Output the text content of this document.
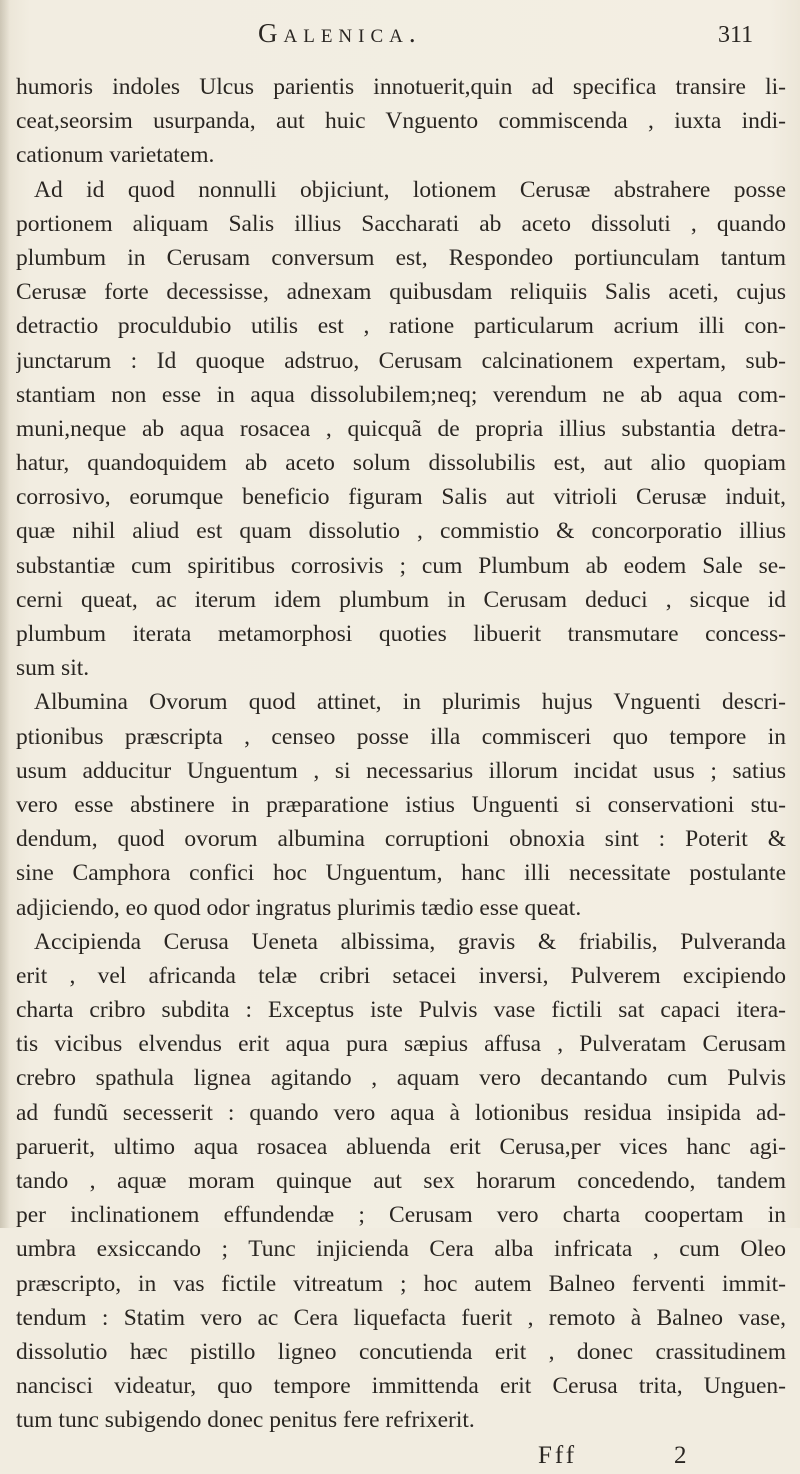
Galenica.	311
humoris indoles Ulcus parientis innotuerit,quin ad specifica transire li-
ceat,seorsim usurpanda, aut huic Vnguento commiscenda , iuxta indi-
cationum varietatem.
Ad id quod nonnulli objiciunt, lotionem Cerusæ abstrahere posse
portionem aliquam Salis illius Saccharati ab aceto dissoluti , quando
plumbum in Cerusam conversum est, Respondeo portiunculam tantum
Cerusæ forte decessisse, adnexam quibusdam reliquiis Salis aceti, cujus
detractio proculdubio utilis est , ratione particularum acrium illi con-
junctarum : Id quoque adstruo, Cerusam calcinationem expertam, sub-
stantiam non esse in aqua dissolubilem;neq; verendum ne ab aqua com-
muni,neque ab aqua rosacea , quicquã de propria illius substantia detra-
hatur, quandoquidem ab aceto solum dissolubilis est, aut alio quopiam
corrosivo, eorumque beneficio figuram Salis aut vitrioli Cerusæ induit,
quæ nihil aliud est quam dissolutio , commistio & concorporatio illius
substantiæ cum spiritibus corrosivis ; cum Plumbum ab eodem Sale se-
cerni queat, ac iterum idem plumbum in Cerusam deduci , sicque id
plumbum iterata metamorphosi quoties libuerit transmutare concess-
sum sit.
Albumina Ovorum quod attinet, in plurimis hujus Vnguenti descri-
ptionibus præscripta , censeo posse illa commisceri quo tempore in
usum adducitur Unguentum , si necessarius illorum incidat usus ; satius
vero esse abstinere in præparatione istius Unguenti si conservationi stu-
dendum, quod ovorum albumina corruptioni obnoxia sint : Poterit &
sine Camphora confici hoc Unguentum, hanc illi necessitate postulante
adjiciendo, eo quod odor ingratus plurimis tædio esse queat.
Accipienda Cerusa Ueneta albissima, gravis & friabilis, Pulveranda
erit , vel africanda telæ cribri setacei inversi, Pulverem excipiendo
charta cribro subdita : Exceptus iste Pulvis vase fictili sat capaci itera-
tis vicibus elvendus erit aqua pura sæpius affusa , Pulveratam Cerusam
crebro spathula lignea agitando , aquam vero decantando cum Pulvis
ad fundũ secesserit : quando vero aqua à lotionibus residua insipida ad-
paruerit, ultimo aqua rosacea abluenda erit Cerusa,per vices hanc agi-
tando , aquæ moram quinque aut sex horarum concedendo, tandem
per inclinationem effundendæ ; Cerusam vero charta coopertam in
umbra exsiccando ; Tunc injicienda Cera alba infricata , cum Oleo
præscripto, in vas fictile vitreatum ; hoc autem Balneo ferventi immit-
tendum : Statim vero ac Cera liquefacta fuerit , remoto à Balneo vase,
dissolutio hæc pistillo ligneo concutienda erit , donec crassitudinem
nancisci videatur, quo tempore immittenda erit Cerusa trita, Unguen-
tum tunc subigendo donec penitus fere refrixerit.
Fff	2
